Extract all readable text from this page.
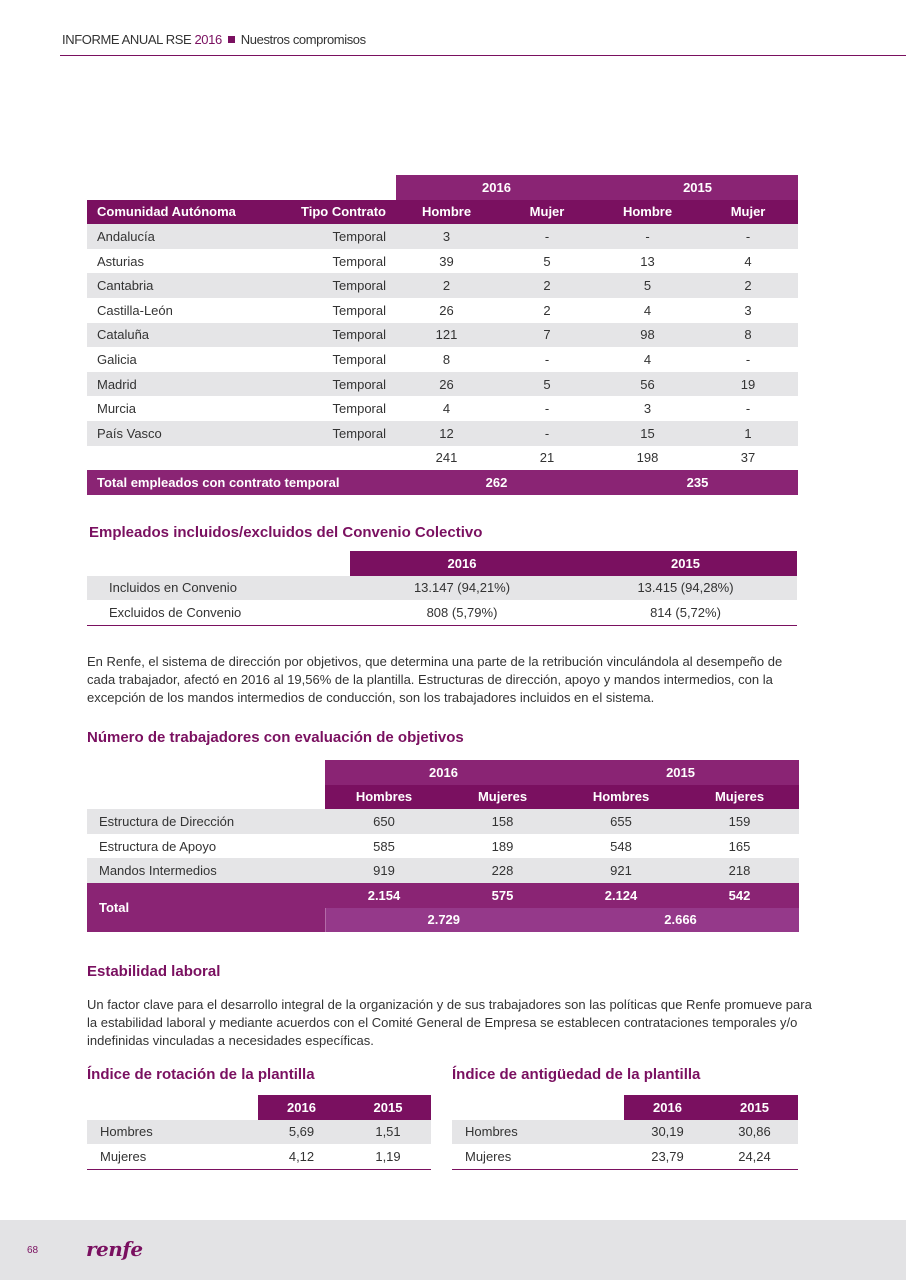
INFORME ANUAL RSE 2016 Nuestros compromisos
		2016		2015	
Comunidad Autónoma	Tipo Contrato	Hombre	Mujer	Hombre	Mujer
Andalucía	Temporal	3	-	-	-
Asturias	Temporal	39	5	13	4
Cantabria	Temporal	2	2	5	2
Castilla-León	Temporal	26	2	4	3
Cataluña	Temporal	121	7	98	8
Galicia	Temporal	8	-	4	-
Madrid	Temporal	26	5	56	19
Murcia	Temporal	4	-	3	-
País Vasco	Temporal	12	-	15	1
		241	21	198	37
Total empleados con contrato temporal		262		235	
Empleados incluidos/excluidos del Convenio Colectivo
	2016	2015
Incluidos en Convenio	13.147 (94,21%)	13.415 (94,28%)
Excluidos de Convenio	808 (5,79%)	814 (5,72%)
En Renfe, el sistema de dirección por objetivos, que determina una parte de la retribución vinculándola al desempeño de cada trabajador, afectó en 2016 al 19,56% de la plantilla. Estructuras de dirección, apoyo y mandos intermedios, con la excepción de los mandos intermedios de conducción, son los trabajadores incluidos en el sistema.
Número de trabajadores con evaluación de objetivos
	2016		2015	
	Hombres	Mujeres	Hombres	Mujeres
Estructura de Dirección	650	158	655	159
Estructura de Apoyo	585	189	548	165
Mandos Intermedios	919	228	921	218
Total	2.154	575	2.124	542
	2.729		2.666	
Estabilidad laboral
Un factor clave para el desarrollo integral de la organización y de sus trabajadores son las políticas que Renfe promueve para la estabilidad laboral y mediante acuerdos con el Comité General de Empresa se establecen contrataciones temporales y/o indefinidas vinculadas a necesidades específicas.
Índice de rotación de la plantilla
	2016	2015
Hombres	5,69	1,51
Mujeres	4,12	1,19
Índice de antigüedad de la plantilla
	2016	2015
Hombres	30,19	30,86
Mujeres	23,79	24,24
68 renfe
